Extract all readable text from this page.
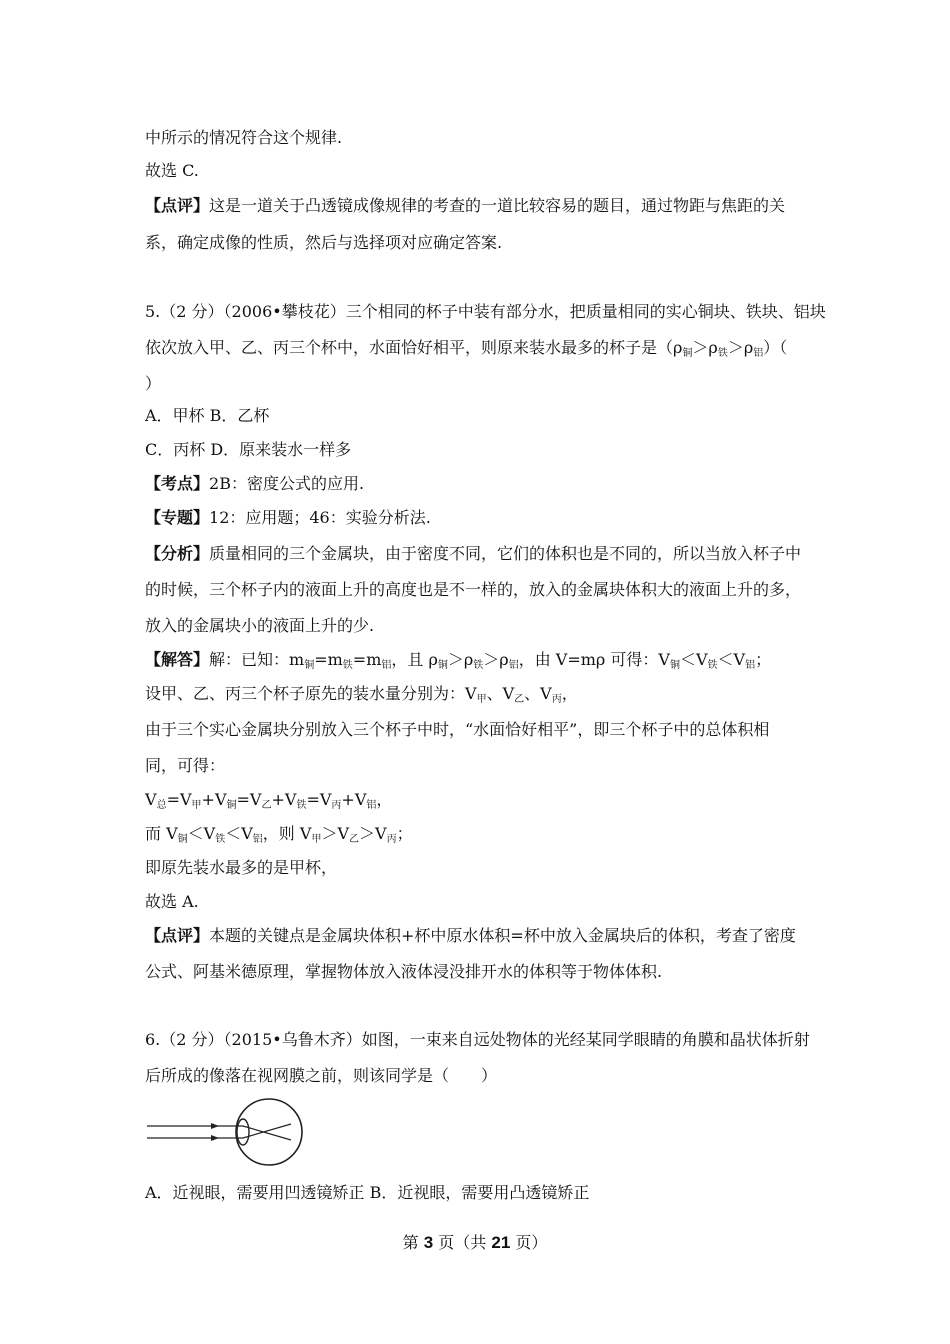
中所示的情况符合这个规律.
故选 C.
【点评】这是一道关于凸透镜成像规律的考查的一道比较容易的题目，通过物距与焦距的关
系，确定成像的性质，然后与选择项对应确定答案.
5.（2 分）（2006•攀枝花）三个相同的杯子中装有部分水，把质量相同的实心铜块、铁块、铝块
依次放入甲、乙、丙三个杯中，水面恰好相平，则原来装水最多的杯子是$(\rho_铜>\rho_铁>\rho_铝)$（
）
A．甲杯 B．乙杯
C．丙杯 D．原来装水一样多
【考点】2B：密度公式的应用.
【专题】12：应用题；46：实验分析法.
【分析】质量相同的三个金属块，由于密度不同，它们的体积也是不同的，所以当放入杯子中
的时候，三个杯子内的液面上升的高度也是不一样的，放入的金属块体积大的液面上升的多，
放入的金属块小的液面上升的少.
【解答】解：已知：$m_铜=m_铁=m_铝$，且 $\rho_铜>\rho_铁>\rho_铝$，由 V=mρ 可得：$V_铜<V_铁<V_铝$；
设甲、乙、丙三个杯子原先的装水量分别为：$V_甲$、$V_乙$、$V_丙$，
由于三个实心金属块分别放入三个杯子中时，“水面恰好相平”，即三个杯子中的总体积相
同，可得：
$V_总=V_甲+V_铜=V_乙+V_铁=V_丙+V_铝$，
而 $V_铜<V_铁<V_铝$，则 $V_甲>V_乙>V_丙$；
即原先装水最多的是甲杯，
故选 A.
【点评】本题的关键点是金属块体积+杯中原水体积=杯中放入金属块后的体积，考查了密度
公式、阿基米德原理，掌握物体放入液体浸没排开水的体积等于物体体积.
6.（2 分）（2015•乌鲁木齐）如图，一束来自远处物体的光经某同学眼睛的角膜和晶状体折射
后所成的像落在视网膜之前，则该同学是（　　）
A．近视眼，需要用凹透镜矫正 B．近视眼，需要用凸透镜矫正
第 3 页（共 21 页）
